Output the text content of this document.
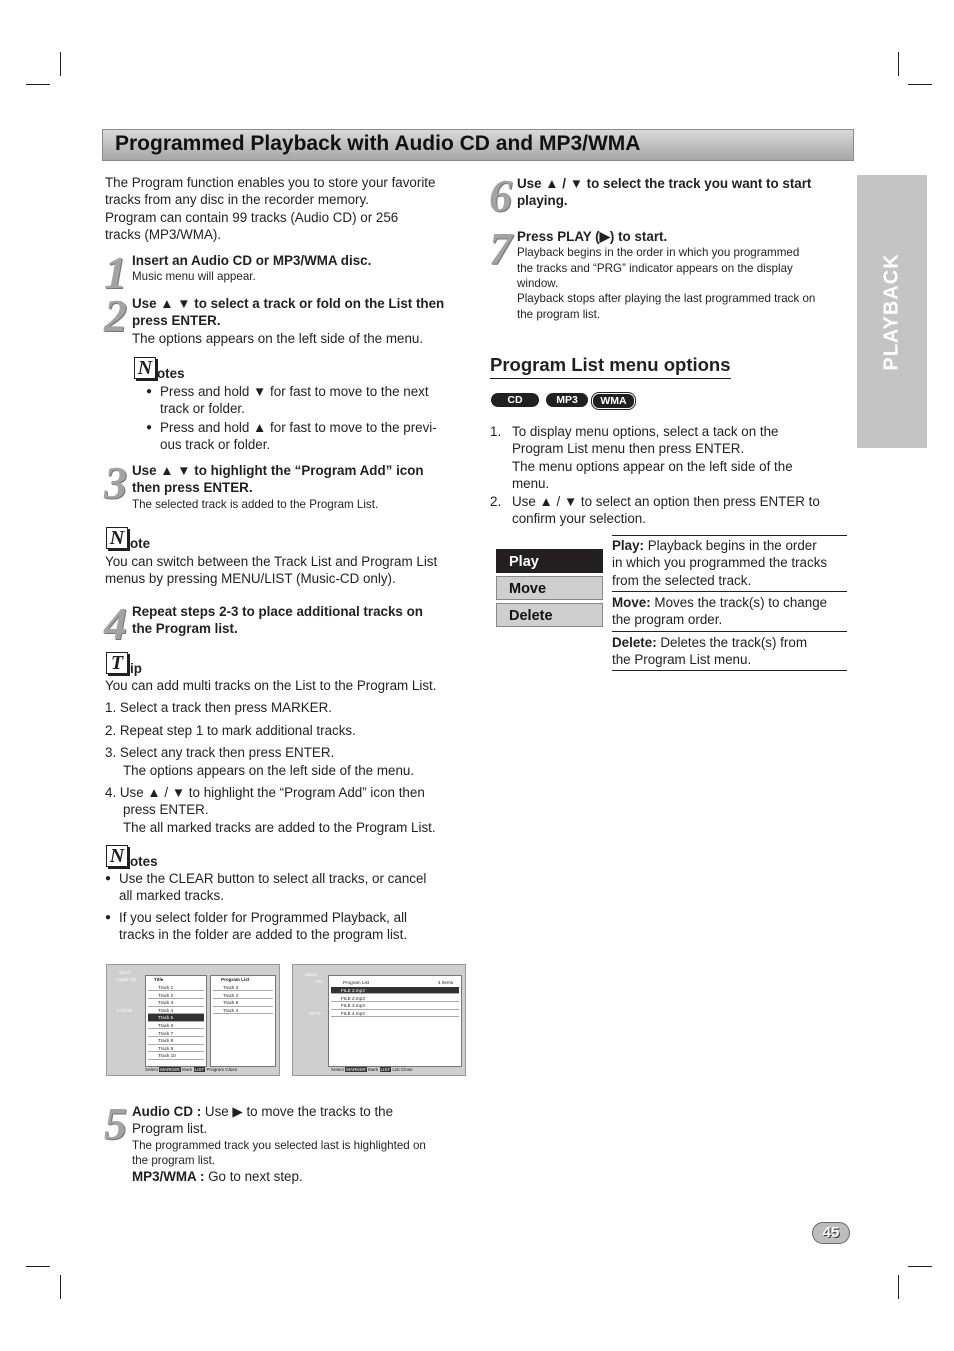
Programmed Playback with Audio CD and MP3/WMA
PLAYBACK
The Program function enables you to store your favorite
tracks from any disc in the recorder memory.
Program can contain 99 tracks (Audio CD) or 256
tracks (MP3/WMA).
1 Insert an Audio CD or MP3/WMA disc.
Music menu will appear.
2 Use ▲ ▼ to select a track or fold on the List then
press ENTER.
The options appears on the left side of the menu.
N otes
● Press and hold ▼ for fast to move to the next
track or folder.
● Press and hold ▲ for fast to move to the previ-
ous track or folder.
3 Use ▲ ▼ to highlight the “Program Add” icon
then press ENTER.
The selected track is added to the Program List.
N ote
You can switch between the Track List and Program List
menus by pressing MENU/LIST (Music-CD only).
4 Repeat steps 2-3 to place additional tracks on
the Program list.
T ip
You can add multi tracks on the List to the Program List.
1. Select a track then press MARKER.
2. Repeat step 1 to mark additional tracks.
3. Select any track then press ENTER.
The options appears on the left side of the menu.
4. Use ▲ / ▼ to highlight the “Program Add” icon then
press ENTER.
The all marked tracks are added to the Program List.
N otes
● Use the CLEAR button to select all tracks, or cancel
all marked tracks.
● If you select folder for Programmed Playback, all
tracks in the folder are added to the program list.
Music
- Audio CD
1:07:30
Title
Track 1
Track 2
Track 3
Track 4
Track 5
Track 6
Track 7
Track 8
Track 9
Track 10
Program List
Track 3
Track 2
Track 8
Track 4
Select MARKER Mark LIST Program Close
Music
- CD
00:00
Program List	4 Items
FILE 2.mp3
FILE 2.mp3
FILE 3.mp3
FILE 4.mp3
Select MARKER Mark LIST List Close
5 Audio CD : Use ▶ to move the tracks to the
Program list.
The programmed track you selected last is highlighted on
the program list.
MP3/WMA : Go to next step.
6 Use ▲ / ▼ to select the track you want to start
playing.
7 Press PLAY (▶) to start.
Playback begins in the order in which you programmed
the tracks and “PRG” indicator appears on the display
window.
Playback stops after playing the last programmed track on
the program list.
Program List menu options
CD	MP3	WMA
1. To display menu options, select a tack on the
Program List menu then press ENTER.
The menu options appear on the left side of the
menu.
2. Use ▲ / ▼ to select an option then press ENTER to
confirm your selection.
Play
Move
Delete
Play: Playback begins in the order
in which you programmed the tracks
from the selected track.
Move: Moves the track(s) to change
the program order.
Delete: Deletes the track(s) from
the Program List menu.
45
